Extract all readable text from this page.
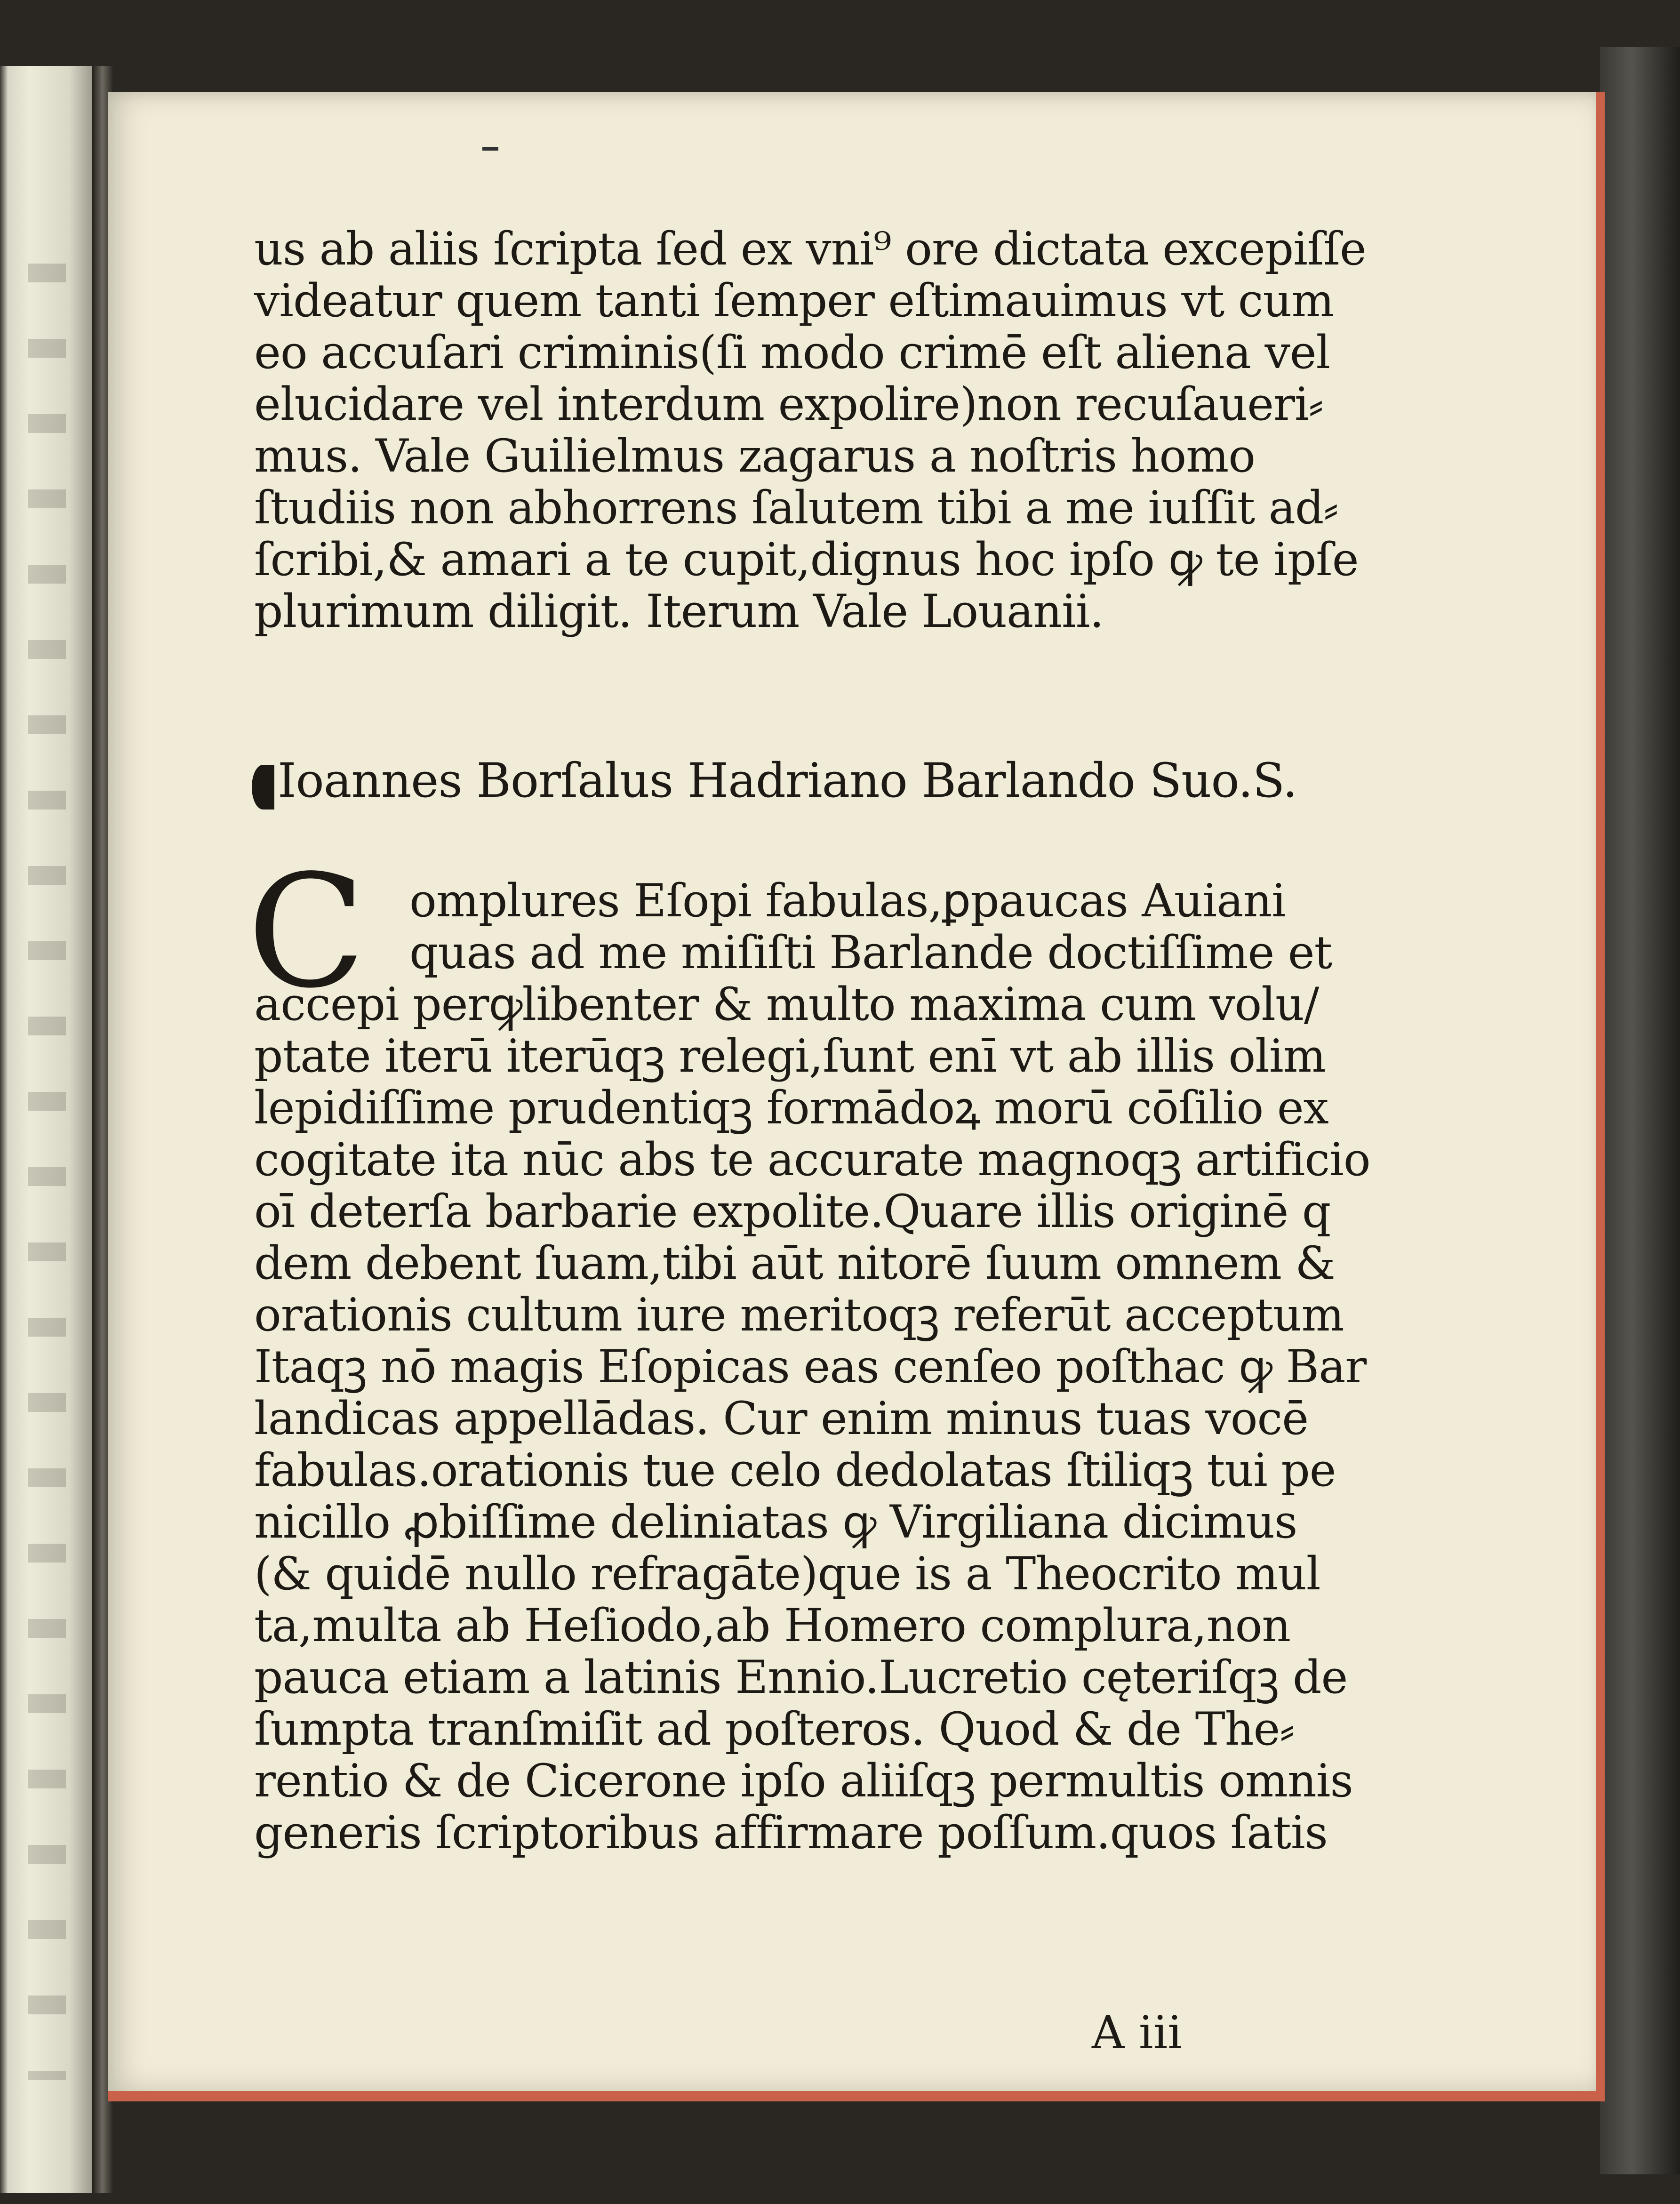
us ab aliis ſcripta ſed ex vni⁹ ore dictata excepiſſe
videatur quem tanti ſemper eſtimauimus vt cum
eo accuſari criminis(ſi modo crimē eſt aliena vel
elucidare vel interdum expolire)non recuſaueri⸗
mus. Vale Guilielmus zagarus a noſtris homo
ſtudiis non abhorrens ſalutem tibi a me iuſſit ad⸗
ſcribi,& amari a te cupit,dignus hoc ipſo ꝙ te ipſe
plurimum diligit. Iterum Vale Louanii.
Ioannes Borſalus Hadriano Barlando Suo.S.
C omplures Eſopi fabulas,ꝑpaucas Auiani
quas ad me miſiſti Barlande doctiſſime et
accepi perꝙlibenter & multo maxima cum volu/
ptate iterū iterūqꝫ relegi,ſunt enī vt ab illis olim
lepidiſſime prudentiqꝫ formādoꝝ morū cōſilio ex
cogitate ita nūc abs te accurate magnoqꝫ artificio
oī deterſa barbarie expolite.Quare illis originē q
dem debent ſuam,tibi aūt nitorē ſuum omnem &
orationis cultum iure meritoqꝫ referūt acceptum
Itaqꝫ nō magis Eſopicas eas cenſeo poſthac ꝙ Bar
landicas appellādas. Cur enim minus tuas vocē
fabulas.orationis tue celo dedolatas ſtiliqꝫ tui pe
nicillo ꝓbiſſime deliniatas ꝙ Virgiliana dicimus
(& quidē nullo refragāte)que is a Theocrito mul
ta,multa ab Heſiodo,ab Homero complura,non
pauca etiam a latinis Ennio.Lucretio cęteriſqꝫ de
ſumpta tranſmiſit ad poſteros. Quod & de The⸗
rentio & de Cicerone ipſo aliiſqꝫ permultis omnis
generis ſcriptoribus affirmare poſſum.quos ſatis
A iii
